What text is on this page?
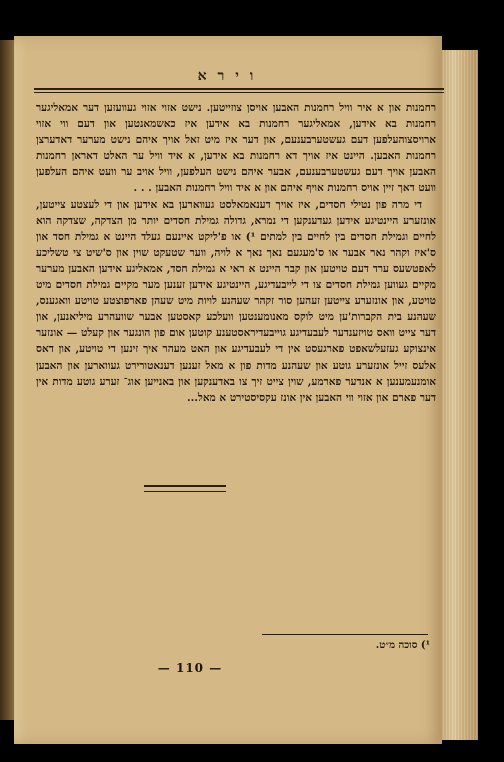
ו י ר א

רחמנות און א איר וויל רחמנות האבען אויסן צוזייטען. נישט אזוי אזוי געוועזען דער אמאליגער רחמנות בא אידען, אמאליגער רחמנות בא אידען איז כאשמאנטען און דעם ווי אזוי ארויסצוהעלפען דעם געשטערבענעם, און דער איז מיט זאל אויך איהם נישט מערער דאדערצן רחמנות האבען. היינט איז אויך דא רחמנות בא אידען, א איד וויל ער האלט דאראן רחמנות האבען אויך דעם געשטערבענעם, אבער איהם נישט העלפען, וויל אויב ער וועט איהם העלפען וועט דאך זיין אויס רחמנות אויף איהם און א איד וויל רחמנות האבען . . .

די מרה פון נטילי חסדים, איז אויך דענאמאלסט געווארען בא אידען און די לעצטע צייטען, אונזערע היינטיגע אידען געדענקען די נמרא, גדולה גמילת חסדים יותר מן הצדקה, שצדקה הוא לחיים וגמילת חסדים בין לחיים בין למתים ¹) או פ'ליקט איינעם געלד היינט א גמילת חסד און ס'איז וקהר נאר אבער או ס'מעגעם נאך נאך א לויה, ווער שטעקט שוין און ס'שיט צי טשליכע לאפטשעס ערד דעם טויטען און קבר היינט א ראי א גמילת חסד, אמאליגע אידען האבען מערער מקיים געווען גמילת חסדים צו די לייבעדיגע, היינטיגע אידען זענען מער מקיים גמילת חסדים מיט טויטע, און אונזערע צייטען זעהען סור זקהר שעהנע לויות מיט שעהן פארפוצטע טויטע וואגענס, שעהנע בית הקברות'ען מיט לוקס מאנומענטען וועלכע קאסטען אבער שוועהרע מיליאנען, און דער צייט וואס טויזענדער לעבעדיגע גוייבעדיראסטענע קוטען אום פון הונגער און קעלט — אונזער אינצוקע געזעלשאפט פארגעסט אין די לעבעדיגע און האט מעהר איך זינען די טויטע, און דאס אלעס זייל אונזערע גוטע און שעהנע מדות פון א מאל זענען דענאטורירט געווארען און האבען אומנעמענען א אנדער פארמע, שוין צייט זיך צו באדענקען און באנייען אוג־ זערע גוטע מדות אין דער פארם און אזוי ווי האבען אין אונז עקסיסטירט א מאל...

¹) סוכה מ״ט.
— 110 —
